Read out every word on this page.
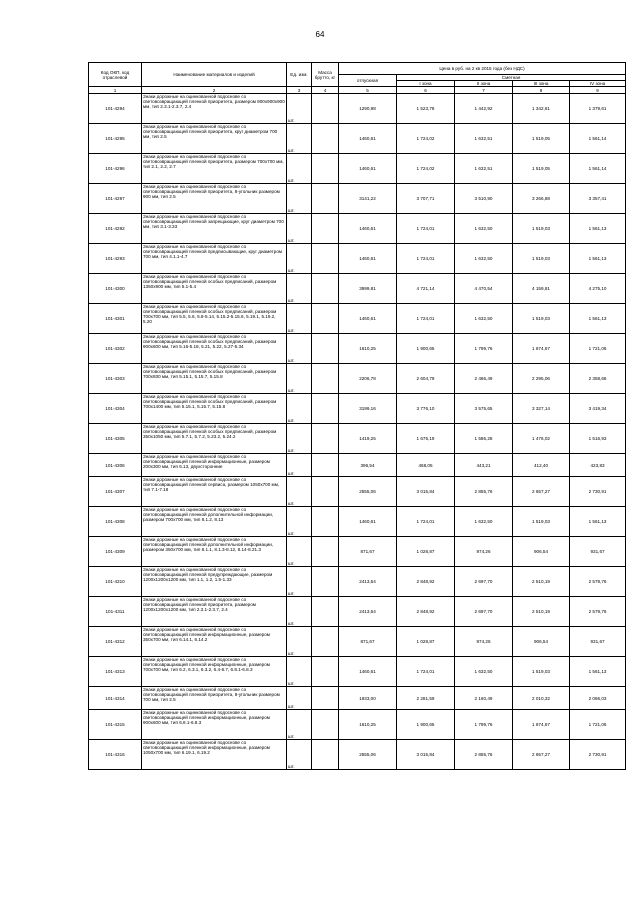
64
Код ОКП, код отраслевой	Наименование материалов и изделий	Ед. изм.	Масса брутто, кг	Цена в руб. на 2 кв 2015 года (без НДС)				
				отпускная	Сметная			
					I зона	II зона	III зона	IV зона
1	2	3	4	5	6	7	8	9
101-4294	Знаки дорожные на оцинкованной подоснове со световозвращающей пленкой приоритета, размером 900х900х900 мм, тип 2.3.1-2.3.7, 2.4	шт.		1290,98	1 523,78	1 442,92	1 342,61	1 379,61
101-4295	Знаки дорожные на оцинкованной подоснове со световозвращающей пленкой приоритета, круг диаметром 700 мм, тип 2.5	шт.		1460,61	1 724,02	1 632,51	1 519,05	1 561,14
101-4296	Знаки дорожные на оцинкованной подоснове со световозвращающей пленкой приоритета, размером 700х700 мм, тип 2.1, 2.2, 2.7	шт.		1460,61	1 724,02	1 632,51	1 519,05	1 561,14
101-4297	Знаки дорожные на оцинкованной подоснове со световозвращающей пленкой приоритета, 8-угольник размером 900 мм, тип 2.5	шт.		3141,22	3 707,71	3 510,90	3 266,88	3 357,41
101-4292	Знаки дорожные на оцинкованной подоснове со световозвращающей пленкой запрещающие, круг диаметром 700 мм, тип 3.1-3.33	шт.		1460,61	1 724,01	1 632,50	1 519,03	1 561,13
101-4293	Знаки дорожные на оцинкованной подоснове со световозвращающей пленкой предписывающие, круг диаметром 700 мм, тип 4.1.1-4.7	шт.		1460,61	1 724,01	1 632,50	1 519,03	1 561,13
101-4300	Знаки дорожные на оцинкованной подоснове со световозвращающей пленкой особых предписаний, размером 1350х900 мм, тип 5.1-5.4	шт.		3999,81	4 721,14	4 470,54	4 159,81	4 275,10
101-4301	Знаки дорожные на оцинкованной подоснове со световозвращающей пленкой особых предписаний, размером 700х700 мм, тип 5.5, 5.6, 5.8-5.14, 5.15.2-5.15.6, 5.19.1, 5.19.2, 5.20	шт.		1460,61	1 724,01	1 632,50	1 519,03	1 561,13
101-4302	Знаки дорожные на оцинкованной подоснове со световозвращающей пленкой особых предписаний, размером 900х600 мм, тип 5.16-5.18, 5.21, 5.22, 5.27-5.34	шт.		1610,25	1 900,65	1 799,76	1 674,67	1 721,06
101-4303	Знаки дорожные на оцинкованной подоснове со световозвращающей пленкой особых предписаний, размером 700х930 мм, тип 5.15.1, 5.15.7, 5.15.8	шт.		2206,78	2 604,79	2 466,49	2 295,06	2 358,66
101-4304	Знаки дорожные на оцинкованной подоснове со световозвращающей пленкой особых предписаний, размером 700х1400 мм, тип 5.15.1, 5.15.7, 5.15.8	шт.		3199,16	3 776,10	3 575,65	3 327,14	3 419,34
101-4305	Знаки дорожные на оцинкованной подоснове со световозвращающей пленкой особых предписаний, размером 350х1050 мм, тип 5.7.1, 5.7.2, 5.23.2, 5.24.2	шт.		1419,25	1 675,19	1 586,28	1 476,02	1 516,93
101-4306	Знаки дорожные на оцинкованной подоснове со световозвращающей пленкой информационные, размером 200х300 мм, тип 6.13, двухсторонние	шт.		396,54	468,05	443,21	412,40	423,83
101-4307	Знаки дорожные на оцинкованной подоснове со световозвращающей пленкой сервиса, размером 1050х700 мм, тип 7.1-7.18	шт.		2555,06	3 015,84	2 855,76	2 657,27	2 730,91
101-4308	Знаки дорожные на оцинкованной подоснове со световозвращающей пленкой дополнительной информации, размером 700х700 мм, тип 8.1.2, 8.13	шт.		1460,61	1 724,01	1 632,50	1 519,03	1 561,13
101-4309	Знаки дорожные на оцинкованной подоснове со световозвращающей пленкой дополнительной информации, размером 350х700 мм, тип 8.1.1, 8.1.3-8.12, 8.14-8.21.3	шт.		871,67	1 028,87	974,26	906,54	931,67
101-4310	Знаки дорожные на оцинкованной подоснове со световозвращающей пленкой предупреждающие, размером 1200х1200х1200 мм, тип 1.1, 1.2, 1.5-1.33	шт.		2413,64	2 848,92	2 697,70	2 510,19	2 579,76
101-4311	Знаки дорожные на оцинкованной подоснове со световозвращающей пленкой приоритета, размером 1200х1200х1200 мм, тип 2.3.1-2.3.7, 2.4	шт.		2413,64	2 848,92	2 697,70	2 510,19	2 579,76
101-4312	Знаки дорожные на оцинкованной подоснове со световозвращающей пленкой информационные, размером 350х700 мм, тип 6.14.1, 6.14.2	шт.		871,67	1 028,87	974,26	906,54	931,67
101-4313	Знаки дорожные на оцинкованной подоснове со световозвращающей пленкой информационные, размером 700х700 мм, тип 6.2, 6.3.1, 6.3.2, 6.4-6.7, 6.8.1-6.8.3	шт.		1460,61	1 724,01	1 632,50	1 519,03	1 561,13
101-4314	Знаки дорожные на оцинкованной подоснове со световозвращающей пленкой приоритета, 8-угольник размером 700 мм, тип 2.5	шт.		1933,00	2 281,59	2 160,49	2 010,32	2 066,03
101-4315	Знаки дорожные на оцинкованной подоснове со световозвращающей пленкой информационные, размером 900х600 мм, тип 6.8.1-6.8.3	шт.		1610,25	1 900,65	1 799,76	1 674,67	1 721,06
101-4316	Знаки дорожные на оцинкованной подоснове со световозвращающей пленкой информационные, размером 1050х700 мм, тип 6.19.1, 6.19.2	шт.		2555,06	3 015,84	2 855,76	2 657,27	2 730,91
